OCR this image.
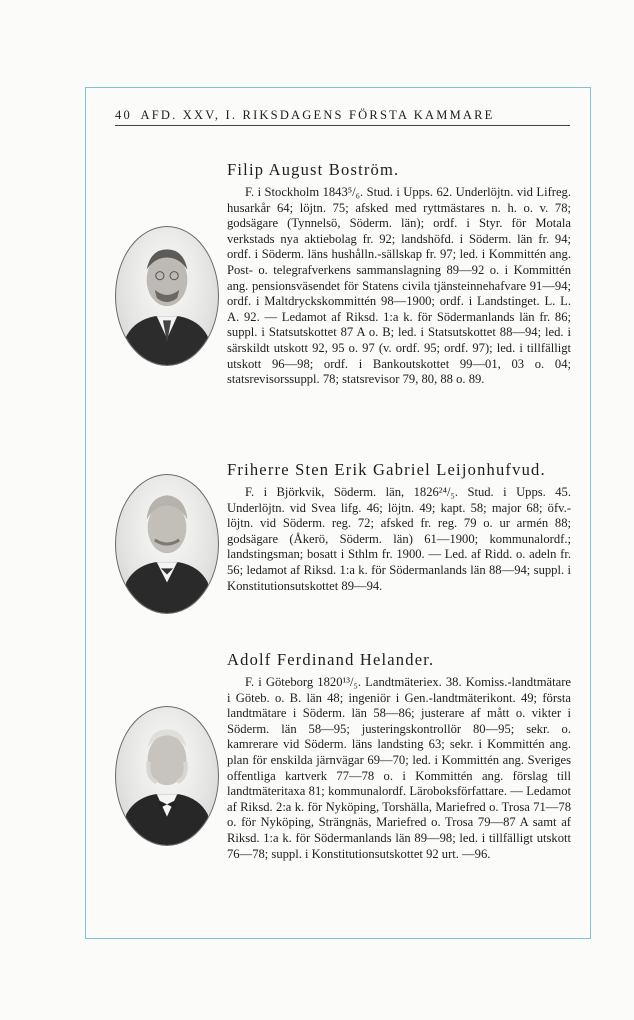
40 AFD. XXV, I. RIKSDAGENS FÖRSTA KAMMARE
Filip August Boström.

F. i Stockholm 1843⁵/₆. Stud. i Upps. 62. Underlöjtn. vid Lifreg. husarkår 64; löjtn. 75; afsked med ryttmästares n. h. o. v. 78; godsägare (Tynnelsö, Söderm. län); ordf. i Styr. för Motala verkstads nya aktiebolag fr. 92; landshöfd. i Söderm. län fr. 94; ordf. i Söderm. läns hushålln.-sällskap fr. 97; led. i Kommittén ang. Post- o. telegrafverkens sammanslagning 89—92 o. i Kommittén ang. pensionsväsendet för Statens civila tjänsteinnehafvare 91—94; ordf. i Maltdryckskommittén 98—1900; ordf. i Landstinget. L. L. A. 92. — Ledamot af Riksd. 1:a k. för Södermanlands län fr. 86; suppl. i Statsutskottet 87 A o. B; led. i Statsutskottet 88—94; led. i särskildt utskott 92, 95 o. 97 (v. ordf. 95; ordf. 97); led. i tillfälligt utskott 96—98; ordf. i Bankoutskottet 99—01, 03 o. 04; statsrevisorssuppl. 78; statsrevisor 79, 80, 88 o. 89.

Friherre Sten Erik Gabriel Leijonhufvud.

F. i Björkvik, Söderm. län, 1826²⁴/₅. Stud. i Upps. 45. Underlöjtn. vid Svea lifg. 46; löjtn. 49; kapt. 58; major 68; öfv.-löjtn. vid Söderm. reg. 72; afsked fr. reg. 79 o. ur armén 88; godsägare (Åkerö, Söderm. län) 61—1900; kommunalordf.; landstingsman; bosatt i Sthlm fr. 1900. — Led. af Ridd. o. adeln fr. 56; ledamot af Riksd. 1:a k. för Södermanlands län 88—94; suppl. i Konstitutionsutskottet 89—94.

Adolf Ferdinand Helander.

F. i Göteborg 1820¹³/₅. Landtmäteriex. 38. Komiss.-landtmätare i Göteb. o. B. län 48; ingeniör i Gen.-landtmäterikont. 49; första landtmätare i Söderm. län 58—86; justerare af mått o. vikter i Söderm. län 58—95; justeringskontrollör 80—95; sekr. o. kamrerare vid Söderm. läns landsting 63; sekr. i Kommittén ang. plan för enskilda järnvägar 69—70; led. i Kommittén ang. Sveriges offentliga kartverk 77—78 o. i Kommittén ang. förslag till landtmäteritaxa 81; kommunalordf. Läroboksförfattare. — Ledamot af Riksd. 2:a k. för Nyköping, Torshälla, Mariefred o. Trosa 71—78 o. för Nyköping, Strängnäs, Mariefred o. Trosa 79—87 A samt af Riksd. 1:a k. för Södermanlands län 89—98; led. i tillfälligt utskott 76—78; suppl. i Konstitutionsutskottet 92 urt. —96.
